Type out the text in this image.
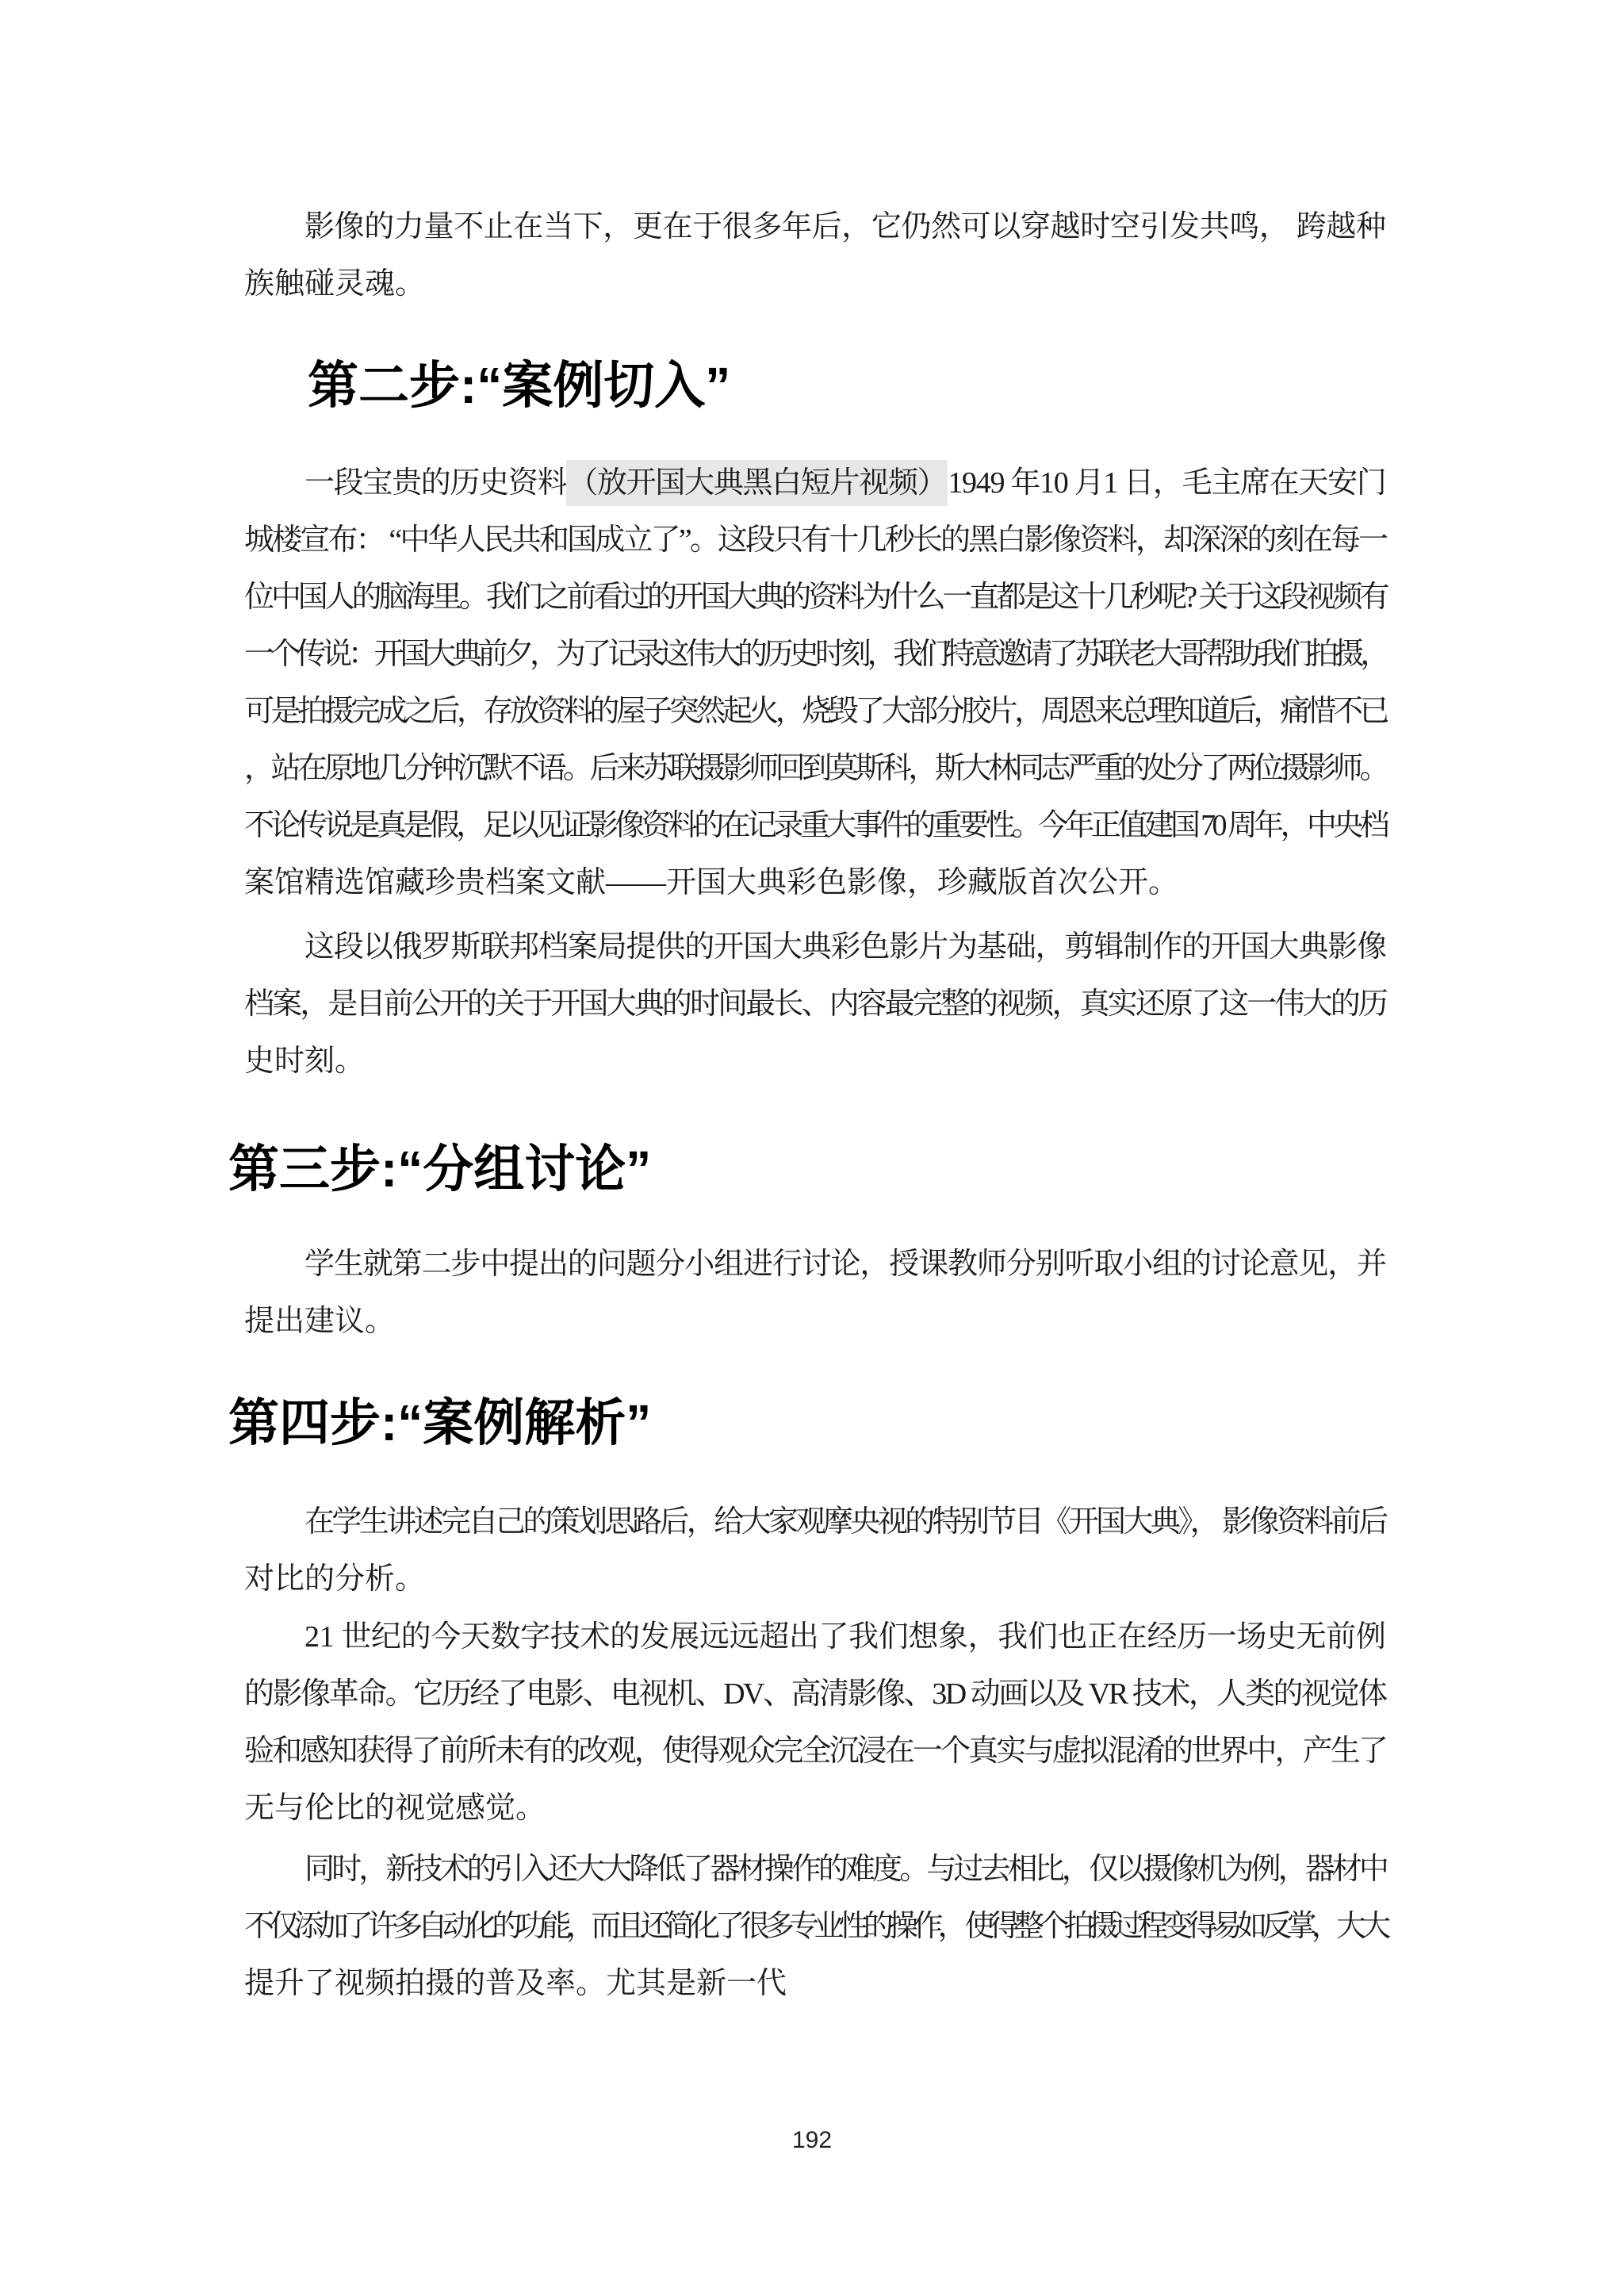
影像的力量不止在当下，更在于很多年后，它仍然可以穿越时空引发共鸣， 跨越种
族触碰灵魂。
第二步:“案例切入”
一段宝贵的历史资料（放开国大典黑白短片视频）1949 年10 月1 日，毛主席在天安门
城楼宣布： “中华人民共和国成立了”。这段只有十几秒长的黑白影像资料，却深深的刻在每一
位中国人的脑海里。我们之前看过的开国大典的资料为什么一直都是这十几秒呢? 关于这段视频有
一个传说：开国大典前夕，为了记录这伟大的历史时刻，我们特意邀请了苏联老大哥帮助我们拍摄，
可是拍摄完成之后，存放资料的屋子突然起火，烧毁了大部分胶片，周恩来总理知道后，痛惜不已
，站在原地几分钟沉默不语。后来苏联摄影师回到莫斯科，斯大林同志严重的处分了两位摄影师。
不论传说是真是假，足以见证影像资料的在记录重大事件的重要性。今年正值建国 70 周年，中央档
案馆精选馆藏珍贵档案文献——开国大典彩色影像，珍藏版首次公开。
这段以俄罗斯联邦档案局提供的开国大典彩色影片为基础，剪辑制作的开国大典影像
档案，是目前公开的关于开国大典的时间最长、内容最完整的视频，真实还原了这一伟大的历
史时刻。
第三步:“分组讨论”
学生就第二步中提出的问题分小组进行讨论，授课教师分别听取小组的讨论意见，并
提出建议。
第四步:“案例解析”
在学生讲述完自己的策划思路后，给大家观摩央视的特别节目《开国大典》， 影像资料前后
对比的分析。
21 世纪的今天数字技术的发展远远超出了我们想象，我们也正在经历一场史无前例
的影像革命。它历经了电影、电视机、DV、高清影像、3D 动画以及 VR 技术，人类的视觉体
验和感知获得了前所未有的改观，使得观众完全沉浸在一个真实与虚拟混淆的世界中，产生了
无与伦比的视觉感觉。
同时，新技术的引入还大大降低了器材操作的难度。与过去相比，仅以摄像机为例，器材中
不仅添加了许多自动化的功能，而且还简化了很多专业性的操作， 使得整个拍摄过程变得易如反掌，大大
提升了视频拍摄的普及率。尤其是新一代
192
